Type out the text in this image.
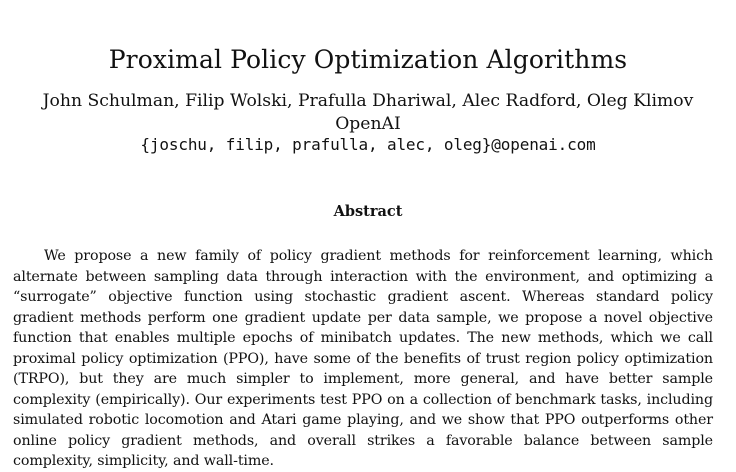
Proximal Policy Optimization Algorithms
John Schulman, Filip Wolski, Prafulla Dhariwal, Alec Radford, Oleg Klimov
OpenAI
{joschu, filip, prafulla, alec, oleg}@openai.com
Abstract

We propose a new family of policy gradient methods for reinforcement learning, which alternate between sampling data through interaction with the environment, and optimizing a “surrogate” objective function using stochastic gradient ascent. Whereas standard policy gradient methods perform one gradient update per data sample, we propose a novel objective function that enables multiple epochs of minibatch updates. The new methods, which we call proximal policy optimization (PPO), have some of the benefits of trust region policy optimization (TRPO), but they are much simpler to implement, more general, and have better sample complexity (empirically). Our experiments test PPO on a collection of benchmark tasks, including simulated robotic locomotion and Atari game playing, and we show that PPO outperforms other online policy gradient methods, and overall strikes a favorable balance between sample complexity, simplicity, and wall-time.
